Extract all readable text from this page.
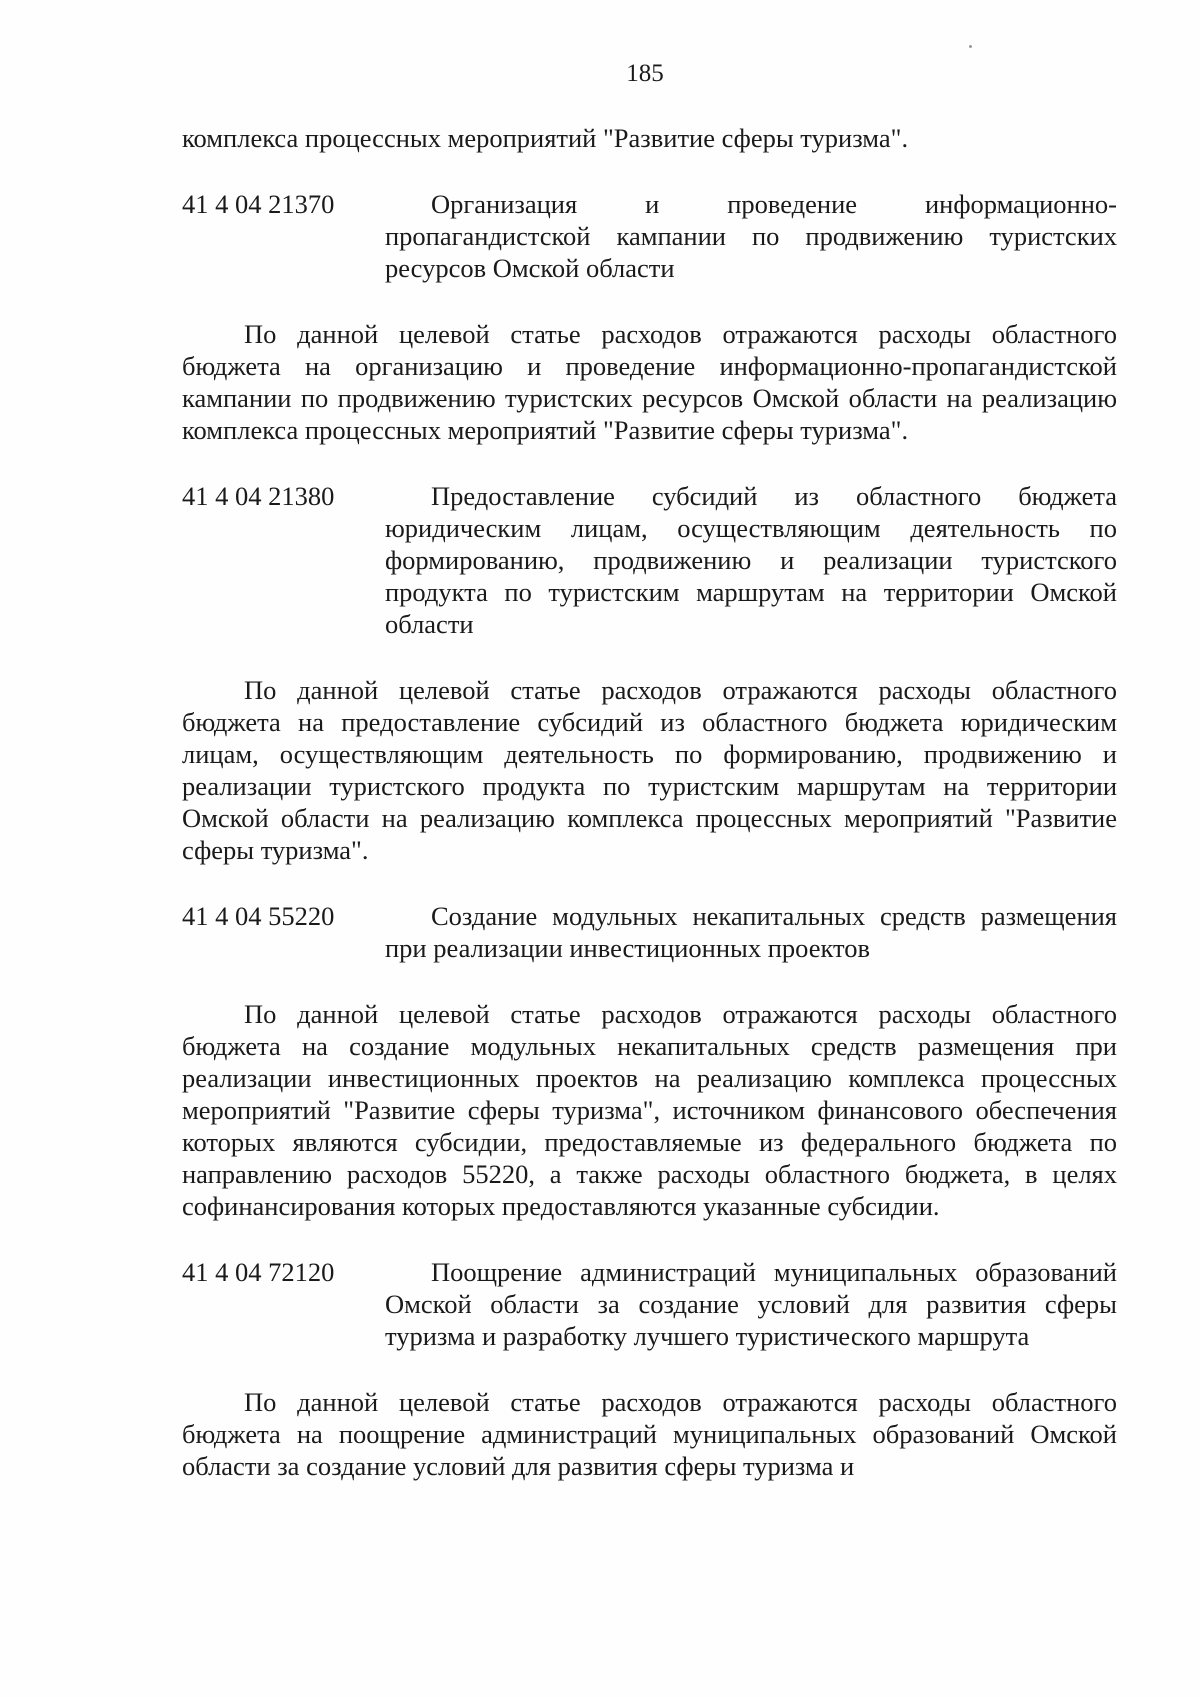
185

комплекса процессных мероприятий "Развитие сферы туризма".

41 4 04 21370	Организация и проведение информационно-пропагандистской кампании по продвижению туристских ресурсов Омской области

По данной целевой статье расходов отражаются расходы областного бюджета на организацию и проведение информационно-пропагандистской кампании по продвижению туристских ресурсов Омской области на реализацию комплекса процессных мероприятий "Развитие сферы туризма".

41 4 04 21380	Предоставление субсидий из областного бюджета юридическим лицам, осуществляющим деятельность по формированию, продвижению и реализации туристского продукта по туристским маршрутам на территории Омской области

По данной целевой статье расходов отражаются расходы областного бюджета на предоставление субсидий из областного бюджета юридическим лицам, осуществляющим деятельность по формированию, продвижению и реализации туристского продукта по туристским маршрутам на территории Омской области на реализацию комплекса процессных мероприятий "Развитие сферы туризма".

41 4 04 55220	Создание модульных некапитальных средств размещения при реализации инвестиционных проектов

По данной целевой статье расходов отражаются расходы областного бюджета на создание модульных некапитальных средств размещения при реализации инвестиционных проектов на реализацию комплекса процессных мероприятий "Развитие сферы туризма", источником финансового обеспечения которых являются субсидии, предоставляемые из федерального бюджета по направлению расходов 55220, а также расходы областного бюджета, в целях софинансирования которых предоставляются указанные субсидии.

41 4 04 72120	Поощрение администраций муниципальных образований Омской области за создание условий для развития сферы туризма и разработку лучшего туристического маршрута

По данной целевой статье расходов отражаются расходы областного бюджета на поощрение администраций муниципальных образований Омской области за создание условий для развития сферы туризма и
